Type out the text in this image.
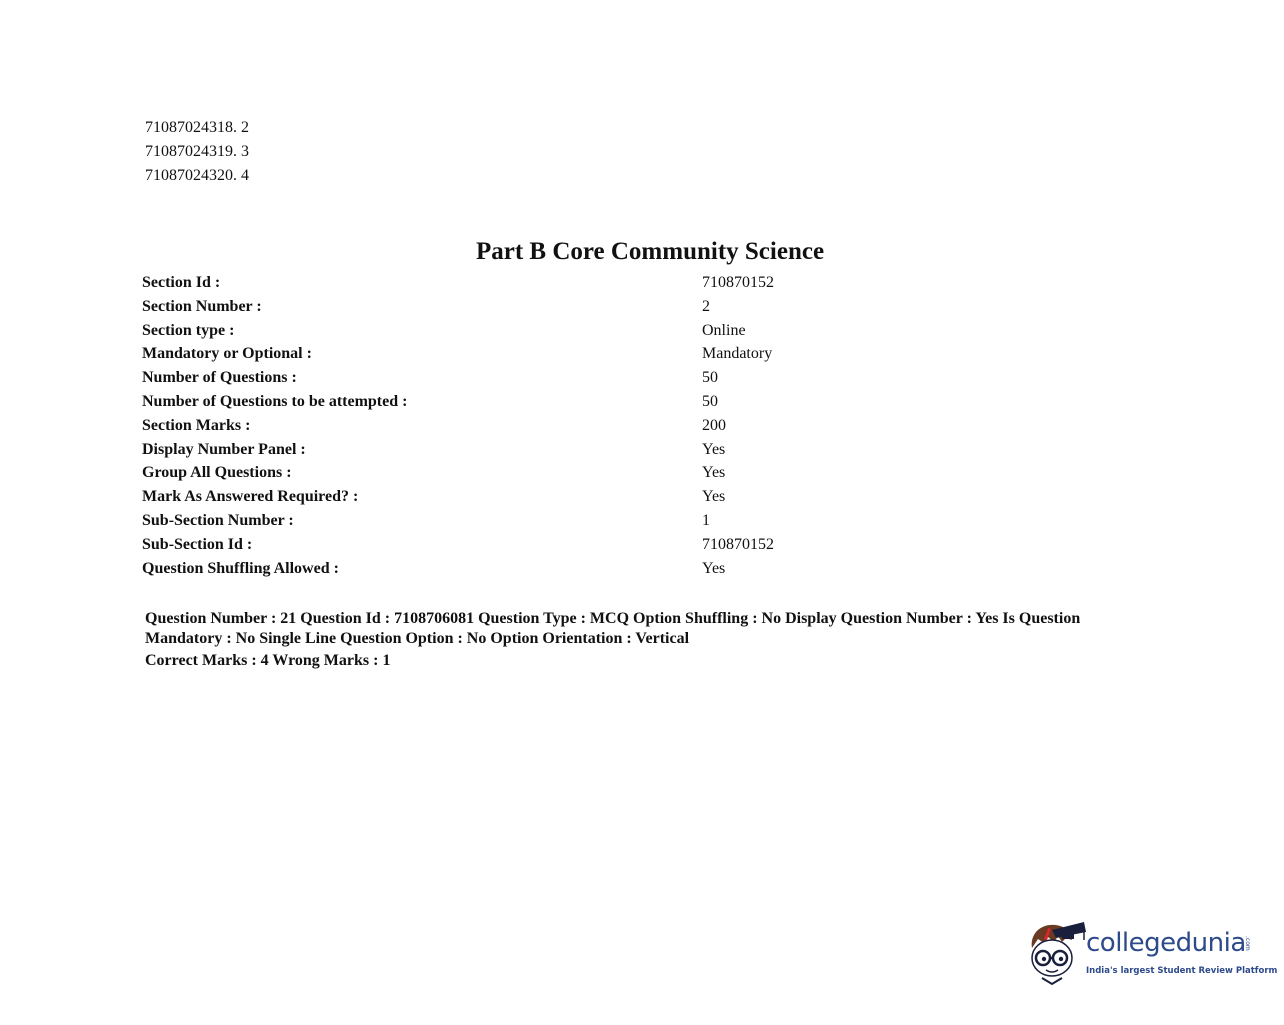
71087024318. 2
71087024319. 3
71087024320. 4
Part B Core Community Science
Section Id :	710870152
Section Number :	2
Section type :	Online
Mandatory or Optional :	Mandatory
Number of Questions :	50
Number of Questions to be attempted :	50
Section Marks :	200
Display Number Panel :	Yes
Group All Questions :	Yes
Mark As Answered Required? :	Yes
Sub-Section Number :	1
Sub-Section Id :	710870152
Question Shuffling Allowed :	Yes
Question Number : 21 Question Id : 7108706081 Question Type : MCQ Option Shuffling : No Display Question Number : Yes Is Question Mandatory : No Single Line Question Option : No Option Orientation : Vertical
Correct Marks : 4 Wrong Marks : 1
collegedunia
.com
India's largest Student Review Platform
